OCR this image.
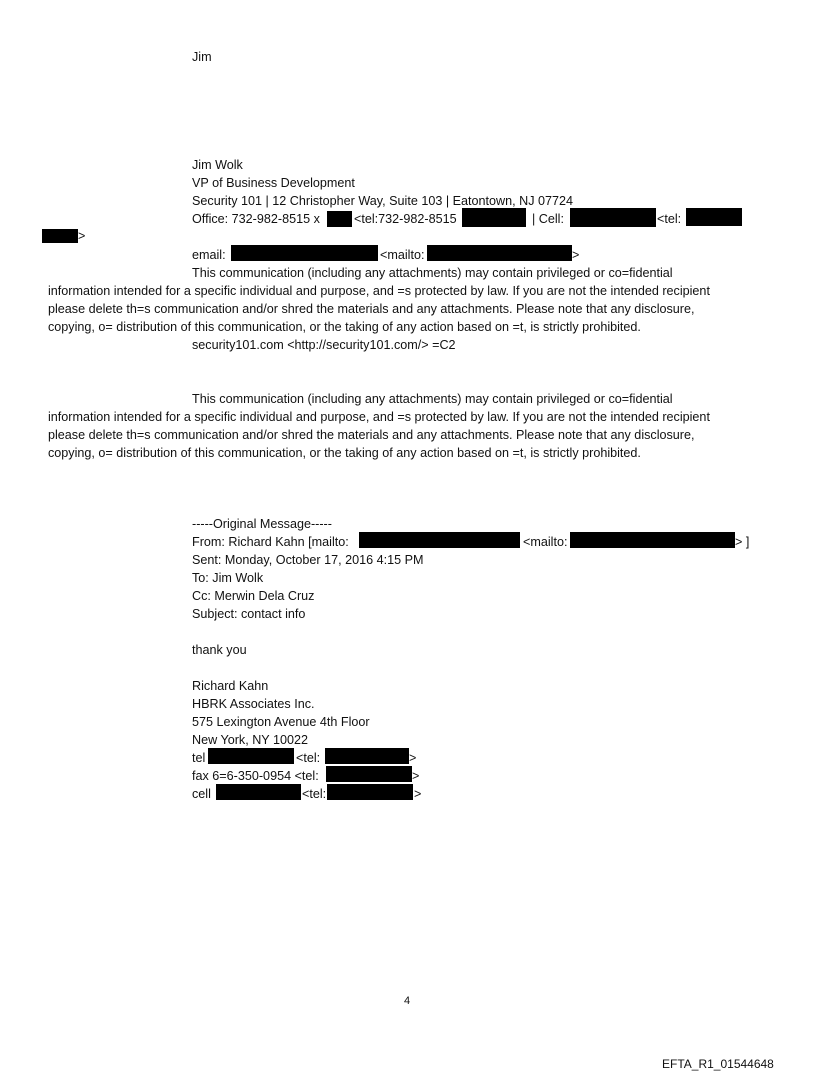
Jim
Jim Wolk
VP of Business Development
Security 101 | 12 Christopher Way, Suite 103 | Eatontown, NJ 07724
Office: 732-982-8515 x	<tel:732-982-8515	| Cell:	<tel:
>
email:	<mailto:	>
This communication (including any attachments) may contain privileged or co=fidential
information intended for a specific individual and purpose, and =s protected by law. If you are not the intended recipient
please delete th=s communication and/or shred the materials and any attachments. Please note that any disclosure,
copying, o= distribution of this communication, or the taking of any action based on =t, is strictly prohibited.
security101.com <http://security101.com/> =C2
This communication (including any attachments) may contain privileged or co=fidential
information intended for a specific individual and purpose, and =s protected by law. If you are not the intended recipient
please delete th=s communication and/or shred the materials and any attachments. Please note that any disclosure,
copying, o= distribution of this communication, or the taking of any action based on =t, is strictly prohibited.
-----Original Message-----
From: Richard Kahn [mailto:	<mailto:	> ]
Sent: Monday, October 17, 2016 4:15 PM
To: Jim Wolk
Cc: Merwin Dela Cruz
Subject: contact info
thank you
Richard Kahn
HBRK Associates Inc.
575 Lexington Avenue 4th Floor
New York, NY 10022
tel	<tel:	>
fax 6=6-350-0954 <tel:	>
cell	<tel:	>
4
EFTA_R1_01544648
